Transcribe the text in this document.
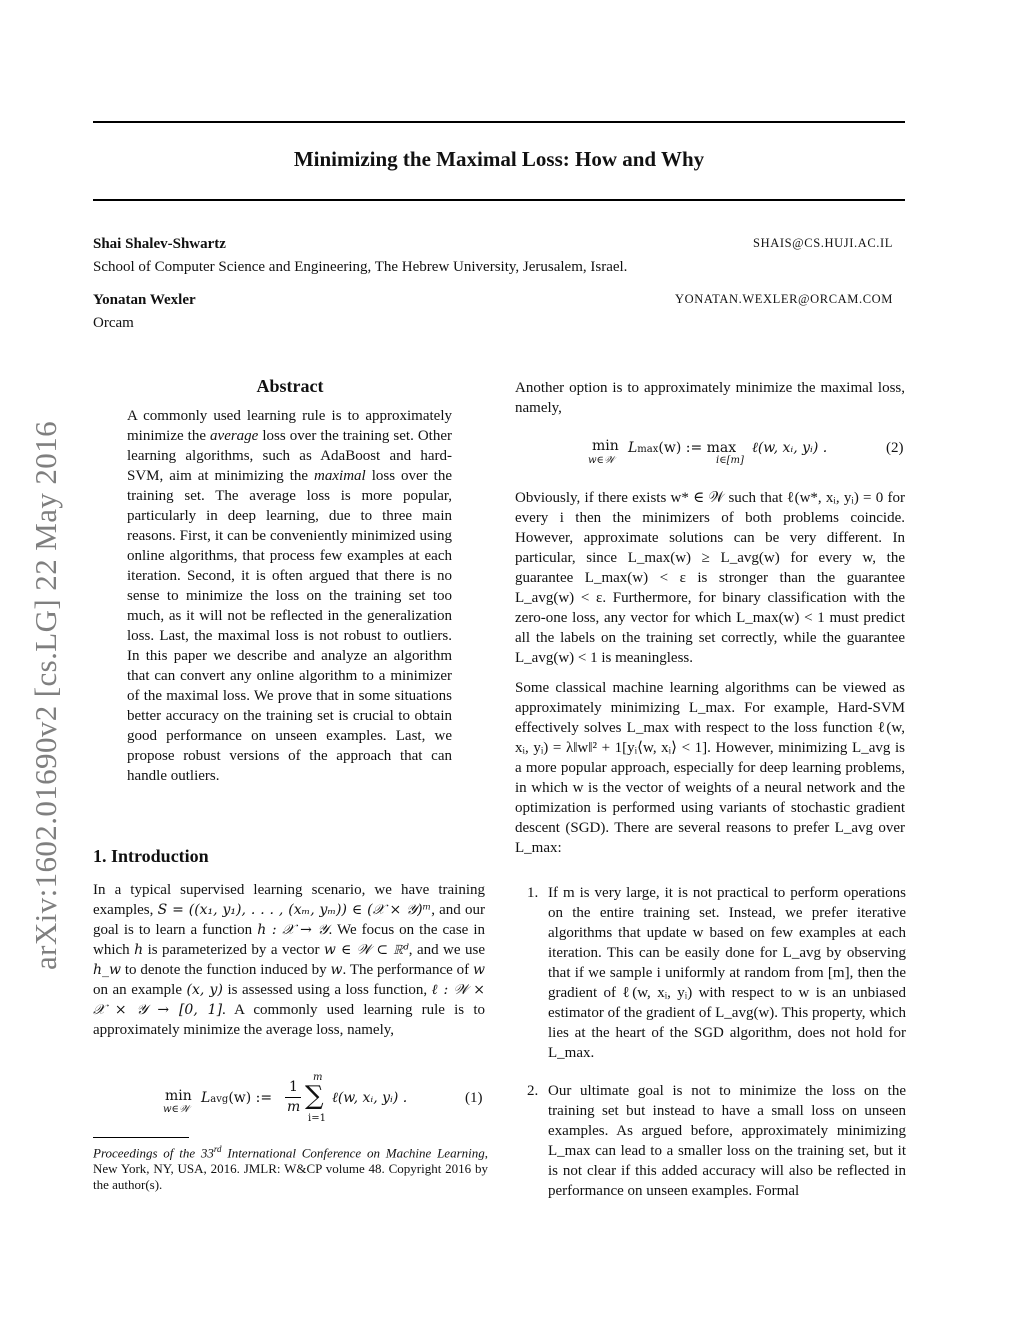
Minimizing the Maximal Loss: How and Why
Shai Shalev-Shwartz	SHAIS@CS.HUJI.AC.IL
School of Computer Science and Engineering, The Hebrew University, Jerusalem, Israel.
Yonatan Wexler	YONATAN.WEXLER@ORCAM.COM
Orcam
arXiv:1602.01690v2 [cs.LG] 22 May 2016
Abstract

A commonly used learning rule is to approximately minimize the average loss over the training set. Other learning algorithms, such as AdaBoost and hard-SVM, aim at minimizing the maximal loss over the training set. The average loss is more popular, particularly in deep learning, due to three main reasons. First, it can be conveniently minimized using online algorithms, that process few examples at each iteration. Second, it is often argued that there is no sense to minimize the loss on the training set too much, as it will not be reflected in the generalization loss. Last, the maximal loss is not robust to outliers. In this paper we describe and analyze an algorithm that can convert any online algorithm to a minimizer of the maximal loss. We prove that in some situations better accuracy on the training set is crucial to obtain good performance on unseen examples. Last, we propose robust versions of the approach that can handle outliers.

1. Introduction

In a typical supervised learning scenario, we have training examples, S = ((x₁, y₁), . . . , (xₘ, yₘ)) ∈ (𝒳 × 𝒴)ᵐ, and our goal is to learn a function h : 𝒳 → 𝒴. We focus on the case in which h is parameterized by a vector w ∈ 𝒲 ⊂ ℝᵈ, and we use h_w to denote the function induced by w. The performance of w on an example (x, y) is assessed using a loss function, ℓ : 𝒲 × 𝒳 × 𝒴 → [0, 1]. A commonly used learning rule is to approximately minimize the average loss, namely,

min
w∈𝒲
Lavg(w) :=
1
m
m
∑
i=1
ℓ(w, xᵢ, yᵢ) .	(1)
Proceedings of the 33rd International Conference on Machine Learning, New York, NY, USA, 2016. JMLR: W&CP volume 48. Copyright 2016 by the author(s).

Another option is to approximately minimize the maximal loss, namely,

min
w∈𝒲
Lmax(w) := max
i∈[m]
ℓ(w, xᵢ, yᵢ) .	(2)

Obviously, if there exists w* ∈ 𝒲 such that ℓ(w*, xᵢ, yᵢ) = 0 for every i then the minimizers of both problems coincide. However, approximate solutions can be very different. In particular, since L_max(w) ≥ L_avg(w) for every w, the guarantee L_max(w) < ε is stronger than the guarantee L_avg(w) < ε. Furthermore, for binary classification with the zero-one loss, any vector for which L_max(w) < 1 must predict all the labels on the training set correctly, while the guarantee L_avg(w) < 1 is meaningless.

Some classical machine learning algorithms can be viewed as approximately minimizing L_max. For example, Hard-SVM effectively solves L_max with respect to the loss function ℓ(w, xᵢ, yᵢ) = λ‖w‖² + 1[yᵢ⟨w, xᵢ⟩ < 1]. However, minimizing L_avg is a more popular approach, especially for deep learning problems, in which w is the vector of weights of a neural network and the optimization is performed using variants of stochastic gradient descent (SGD). There are several reasons to prefer L_avg over L_max:

1. If m is very large, it is not practical to perform operations on the entire training set. Instead, we prefer iterative algorithms that update w based on few examples at each iteration. This can be easily done for L_avg by observing that if we sample i uniformly at random from [m], then the gradient of ℓ(w, xᵢ, yᵢ) with respect to w is an unbiased estimator of the gradient of L_avg(w). This property, which lies at the heart of the SGD algorithm, does not hold for L_max.
2. Our ultimate goal is not to minimize the loss on the training set but instead to have a small loss on unseen examples. As argued before, approximately minimizing L_max can lead to a smaller loss on the training set, but it is not clear if this added accuracy will also be reflected in performance on unseen examples. Formal
